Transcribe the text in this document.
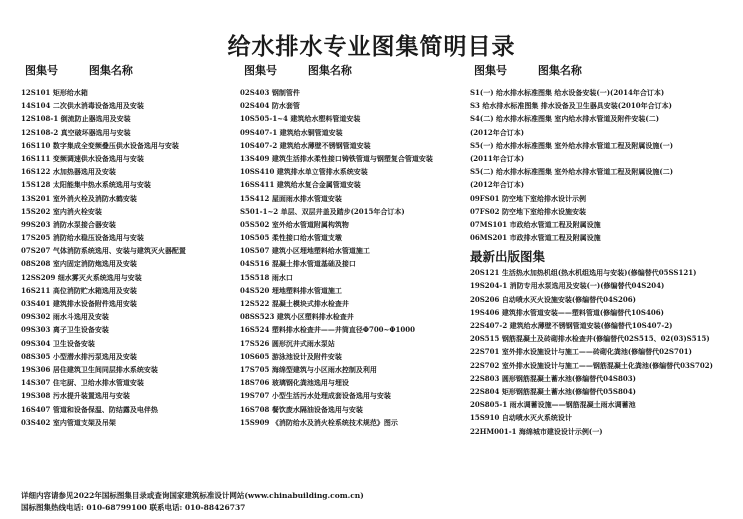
给水排水专业图集简明目录
图集号	图集名称
12S101 矩形给水箱
14S104 二次供水消毒设备选用及安装
12S108-1 倒流防止器选用及安装
12S108-2 真空破坏器选用与安装
16S110 数字集成全变频叠压供水设备选用与安装
16S111 变频调速供水设备选用与安装
16S122 水加热器选用及安装
15S128 太阳能集中热水系统选用与安装
13S201 室外消火栓及消防水鹤安装
15S202 室内消火栓安装
99S203 消防水泵接合器安装
17S205 消防给水稳压设备选用与安装
07S207 气体消防系统选用、安装与建筑灭火器配置
08S208 室内固定消防炮选用及安装
12SS209 细水雾灭火系统选用与安装
16S211 高位消防贮水箱选用及安装
03S401 建筑排水设备附件选用安装
09S302 雨水斗选用及安装
09S303 离子卫生设备安装
09S304 卫生设备安装
08S305 小型潜水排污泵选用及安装
19S306 居住建筑卫生间同层排水系统安装
14S307 住宅厨、卫给水排水管道安装
19S308 污水提升装置选用与安装
16S407 管道和设备保温、防结露及电伴热
03S402 室内管道支架及吊架
图集号	图集名称
02S403 钢制管件
02S404 防水套管
10S505-1~4 建筑给水塑料管道安装
09S407-1 建筑给水铜管道安装
10S407-2 建筑给水薄壁不锈钢管道安装
13S409 建筑生活排水柔性接口铸铁管道与钢塑复合管道安装
10SS410 建筑排水单立管排水系统安装
16SS411 建筑给水复合金属管道安装
15S412 屋面雨水排水管道安装
S501-1~2 单层、双层井盖及踏步(2015年合订本)
05S502 室外给水管道附属构筑物
10S505 柔性接口给水管道支墩
10S507 建筑小区埋地塑料给水管道施工
04S516 混凝土排水管道基础及接口
15S518 雨水口
04S520 埋地塑料排水管道施工
12S522 混凝土模块式排水检查井
08SS523 建筑小区塑料排水检查井
16S524 塑料排水检查井——井筒直径Φ700~Φ1000
17S526 圆形沉井式雨水泵站
10S605 游泳池设计及附件安装
17S705 海绵型建筑与小区雨水控制及利用
18S706 玻璃钢化粪池选用与埋设
19S707 小型生活污水处理成套设备选用与安装
16S708 餐饮废水隔油设备选用与安装
15S909 《消防给水及消火栓系统技术规范》图示
图集号	图集名称
S1(一) 给水排水标准图集 给水设备安装(一)(2014年合订本)
S3 给水排水标准图集 排水设备及卫生器具安装(2010年合订本)
S4(二) 给水排水标准图集 室内给水排水管道及附件安装(二)
(2012年合订本)
S5(一) 给水排水标准图集 室外给水排水管道工程及附属设施(一)
(2011年合订本)
S5(二) 给水排水标准图集 室外给水排水管道工程及附属设施(二)
(2012年合订本)
09FS01 防空地下室给排水设计示例
07FS02 防空地下室给排水设施安装
07MS101 市政给水管道工程及附属设施
06MS201 市政排水管道工程及附属设施
最新出版图集
20S121 生活热水加热机组(热水机组选用与安装)(修编替代05SS121)
19S204-1 消防专用水泵选用及安装(一)(修编替代04S204)
20S206 自动喷水灭火设施安装(修编替代04S206)
19S406 建筑排水管道安装——塑料管道(修编替代10S406)
22S407-2 建筑给水薄壁不锈钢管道安装(修编替代10S407-2)
20S515 钢筋混凝土及砖砌排水检查井(修编替代02S515、02(03)S515)
22S701 室外排水设施设计与施工——砖砌化粪池(修编替代02S701)
22S702 室外排水设施设计与施工——钢筋混凝土化粪池(修编替代03S702)
22S803 圆形钢筋混凝土蓄水池(修编替代04S803)
22S804 矩形钢筋混凝土蓄水池(修编替代05S804)
20S805-1 雨水调蓄设施——钢筋混凝土雨水调蓄池
15S910 自动喷水灭火系统设计
22HM001-1 海绵城市建设设计示例(一)
详细内容请参见2022年国标图集目录或查询国家建筑标准设计网站(www.chinabuilding.com.cn)
国标图集热线电话: 010-68799100 联系电话: 010-88426737
